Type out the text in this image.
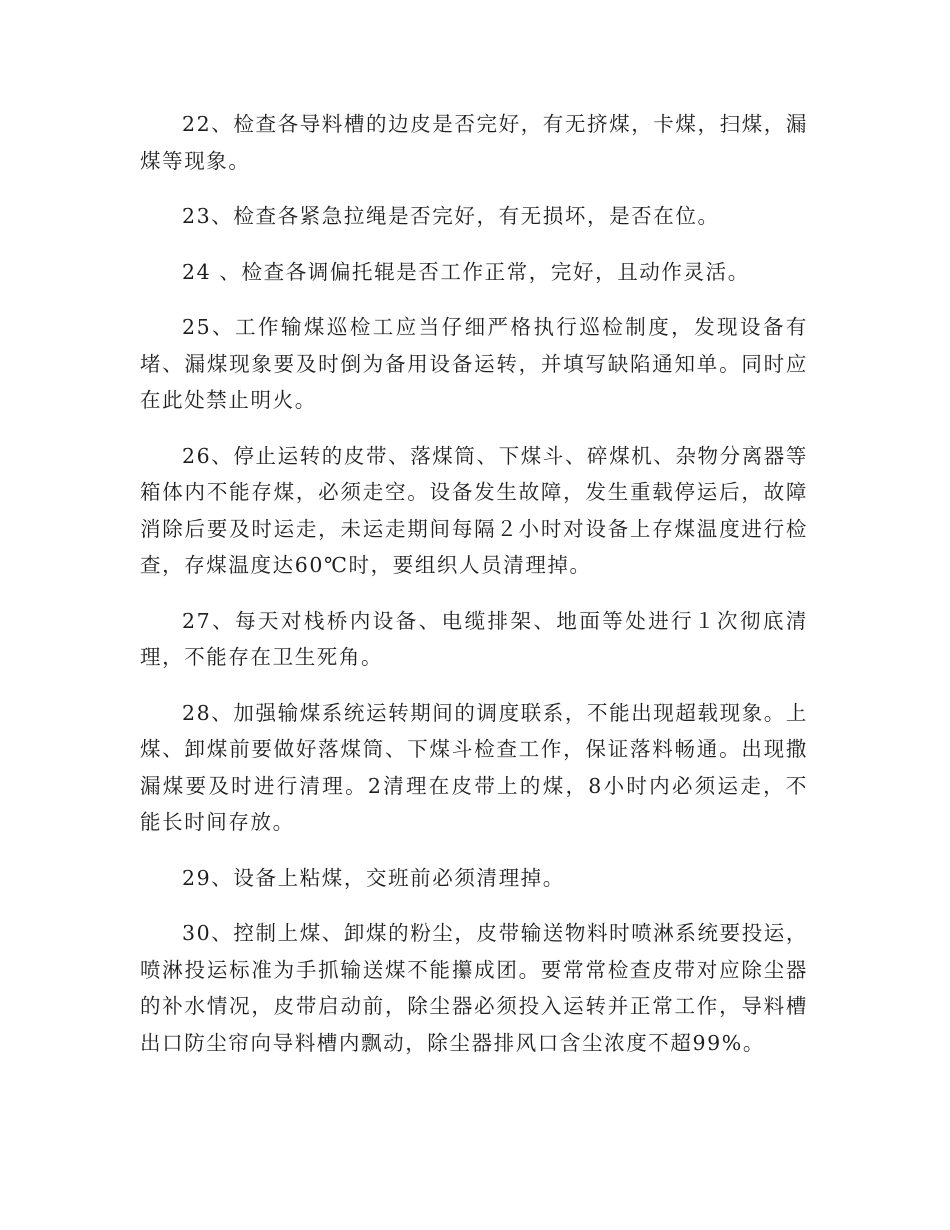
22、检查各导料槽的边皮是否完好，有无挤煤，卡煤，扫煤，漏煤等现象。

23、检查各紧急拉绳是否完好，有无损坏，是否在位。

24 、检查各调偏托辊是否工作正常，完好，且动作灵活。

25、工作输煤巡检工应当仔细严格执行巡检制度，发现设备有堵、漏煤现象要及时倒为备用设备运转，并填写缺陷通知单。同时应在此处禁止明火。

26、停止运转的皮带、落煤筒、下煤斗、碎煤机、杂物分离器等箱体内不能存煤，必须走空。设备发生故障，发生重载停运后，故障消除后要及时运走，未运走期间每隔２小时对设备上存煤温度进行检查，存煤温度达60℃时，要组织人员清理掉。

27、每天对栈桥内设备、电缆排架、地面等处进行１次彻底清理，不能存在卫生死角。

28、加强输煤系统运转期间的调度联系，不能出现超载现象。上煤、卸煤前要做好落煤筒、下煤斗检查工作，保证落料畅通。出现撒漏煤要及时进行清理。2清理在皮带上的煤，8小时内必须运走，不能长时间存放。

29、设备上粘煤，交班前必须清理掉。

30、控制上煤、卸煤的粉尘，皮带输送物料时喷淋系统要投运，喷淋投运标准为手抓输送煤不能攥成团。要常常检查皮带对应除尘器的补水情况，皮带启动前，除尘器必须投入运转并正常工作，导料槽出口防尘帘向导料槽内飘动，除尘器排风口含尘浓度不超99%。
